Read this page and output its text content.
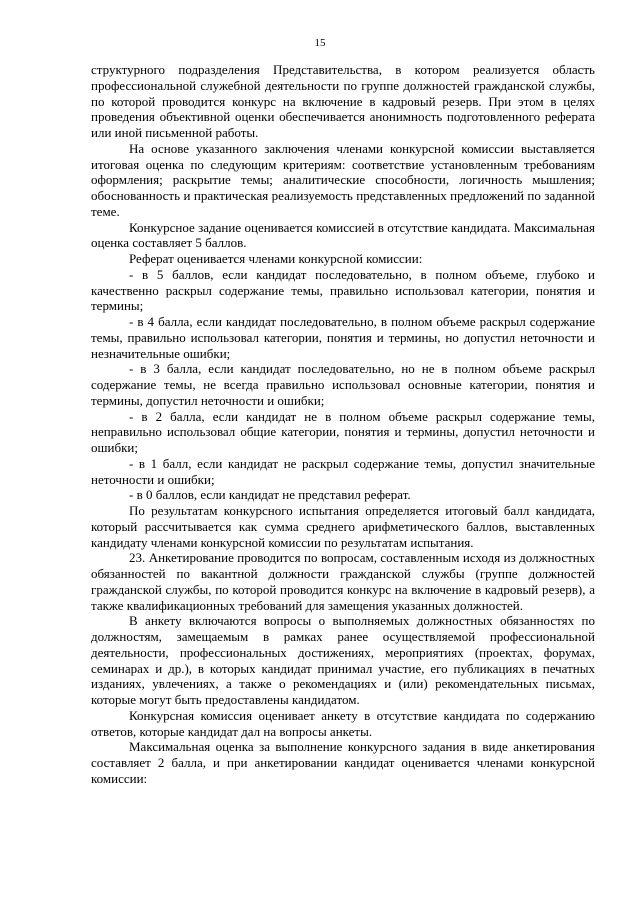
15

структурного подразделения Представительства, в котором реализуется область профессиональной служебной деятельности по группе должностей гражданской службы, по которой проводится конкурс на включение в кадровый резерв. При этом в целях проведения объективной оценки обеспечивается анонимность подготовленного реферата или иной письменной работы.

На основе указанного заключения членами конкурсной комиссии выставляется итоговая оценка по следующим критериям: соответствие установленным требованиям оформления; раскрытие темы; аналитические способности, логичность мышления; обоснованность и практическая реализуемость представленных предложений по заданной теме.

Конкурсное задание оценивается комиссией в отсутствие кандидата. Максимальная оценка составляет 5 баллов.

Реферат оценивается членами конкурсной комиссии:

- в 5 баллов, если кандидат последовательно, в полном объеме, глубоко и качественно раскрыл содержание темы, правильно использовал категории, понятия и термины;

- в 4 балла, если кандидат последовательно, в полном объеме раскрыл содержание темы, правильно использовал категории, понятия и термины, но допустил неточности и незначительные ошибки;

- в 3 балла, если кандидат последовательно, но не в полном объеме раскрыл содержание темы, не всегда правильно использовал основные категории, понятия и термины, допустил неточности и ошибки;

- в 2 балла, если кандидат не в полном объеме раскрыл содержание темы, неправильно использовал общие категории, понятия и термины, допустил неточности и ошибки;

- в 1 балл, если кандидат не раскрыл содержание темы, допустил значительные неточности и ошибки;

- в 0 баллов, если кандидат не представил реферат.

По результатам конкурсного испытания определяется итоговый балл кандидата, который рассчитывается как сумма среднего арифметического баллов, выставленных кандидату членами конкурсной комиссии по результатам испытания.

23. Анкетирование проводится по вопросам, составленным исходя из должностных обязанностей по вакантной должности гражданской службы (группе должностей гражданской службы, по которой проводится конкурс на включение в кадровый резерв), а также квалификационных требований для замещения указанных должностей.

В анкету включаются вопросы о выполняемых должностных обязанностях по должностям, замещаемым в рамках ранее осуществляемой профессиональной деятельности, профессиональных достижениях, мероприятиях (проектах, форумах, семинарах и др.), в которых кандидат принимал участие, его публикациях в печатных изданиях, увлечениях, а также о рекомендациях и (или) рекомендательных письмах, которые могут быть предоставлены кандидатом.

Конкурсная комиссия оценивает анкету в отсутствие кандидата по содержанию ответов, которые кандидат дал на вопросы анкеты.

Максимальная оценка за выполнение конкурсного задания в виде анкетирования составляет 2 балла, и при анкетировании кандидат оценивается членами конкурсной комиссии:
